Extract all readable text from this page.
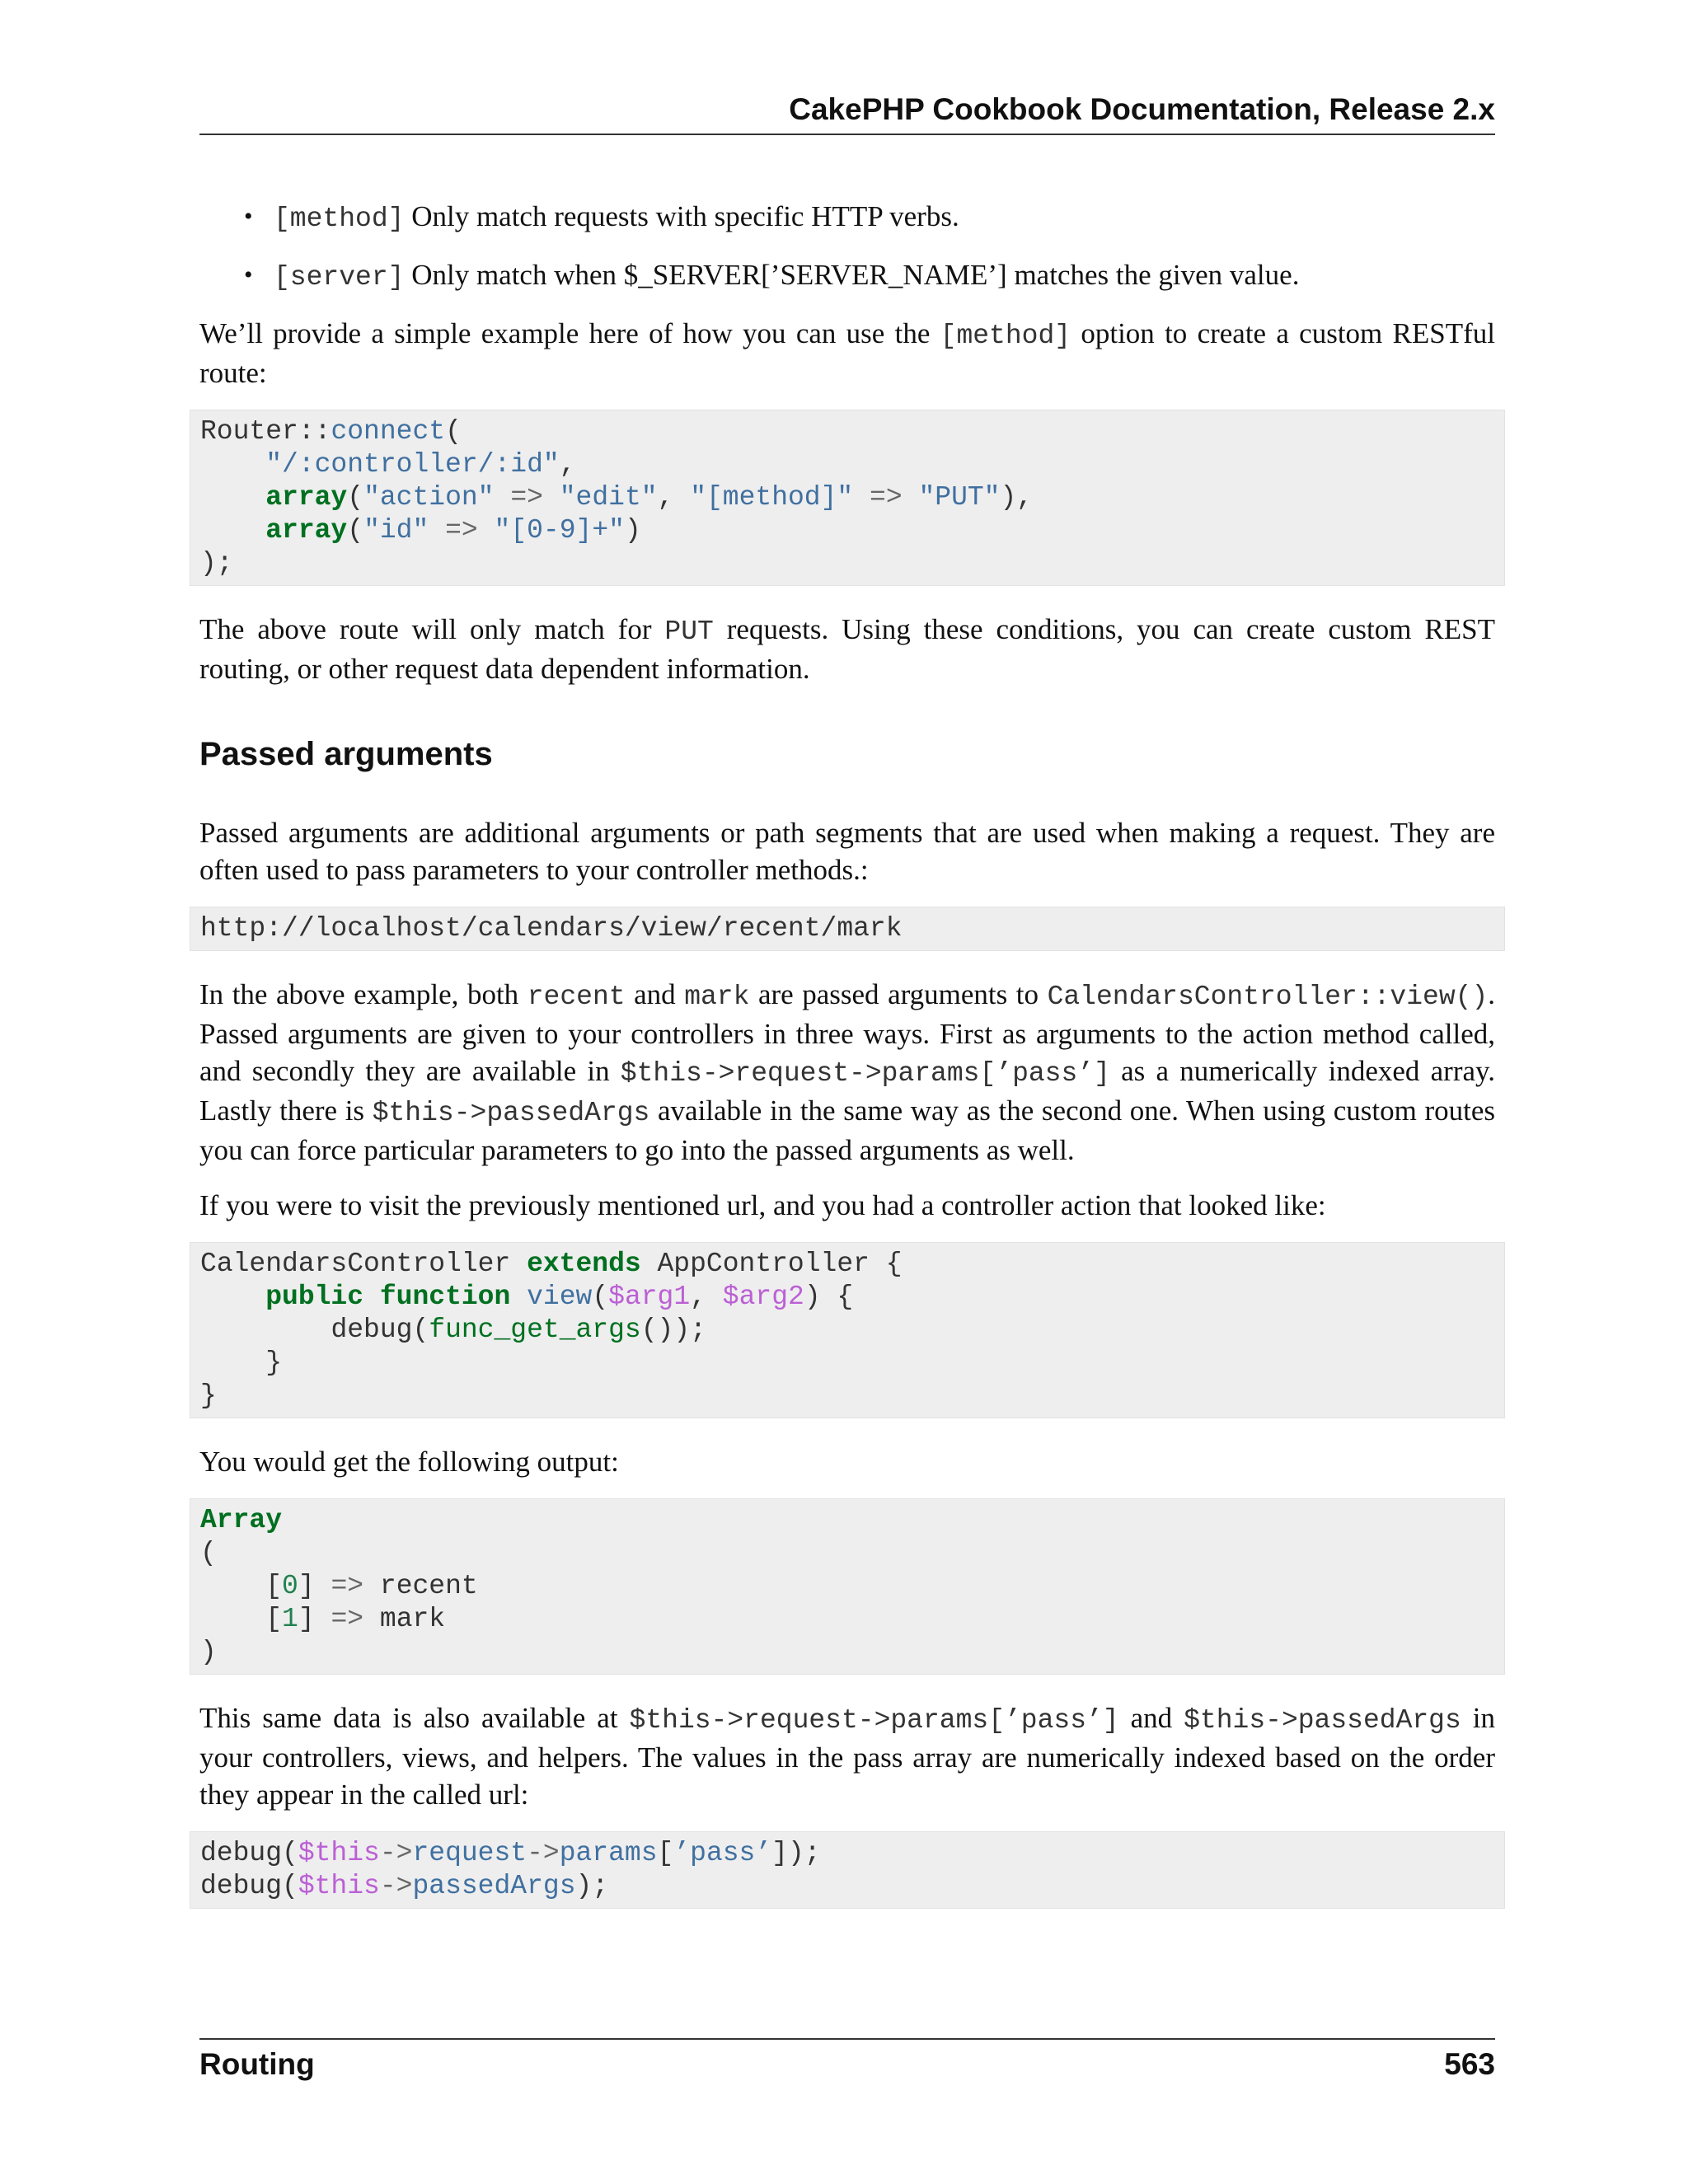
CakePHP Cookbook Documentation, Release 2.x
• [method] Only match requests with specific HTTP verbs.
• [server] Only match when $_SERVER[’SERVER_NAME’] matches the given value.

We’ll provide a simple example here of how you can use the [method] option to create a custom RESTful route:

Router::connect(
"/:controller/:id",
array("action" => "edit", "[method]" => "PUT"),
array("id" => "[0-9]+")
);

The above route will only match for PUT requests. Using these conditions, you can create custom REST routing, or other request data dependent information.

Passed arguments

Passed arguments are additional arguments or path segments that are used when making a request. They are often used to pass parameters to your controller methods.:

http://localhost/calendars/view/recent/mark

In the above example, both recent and mark are passed arguments to CalendarsController::view(). Passed arguments are given to your controllers in three ways. First as arguments to the action method called, and secondly they are available in $this->request->params[’pass’] as a numerically indexed array. Lastly there is $this->passedArgs available in the same way as the second one. When using custom routes you can force particular parameters to go into the passed arguments as well.

If you were to visit the previously mentioned url, and you had a controller action that looked like:

CalendarsController extends AppController {
public function view($arg1, $arg2) {
debug(func_get_args());
}
}

You would get the following output:

Array
(
[0] => recent
[1] => mark
)

This same data is also available at $this->request->params[’pass’] and $this->passedArgs in your controllers, views, and helpers. The values in the pass array are numerically indexed based on the order they appear in the called url:

debug($this->request->params[’pass’]);
debug($this->passedArgs);
Routing	563
